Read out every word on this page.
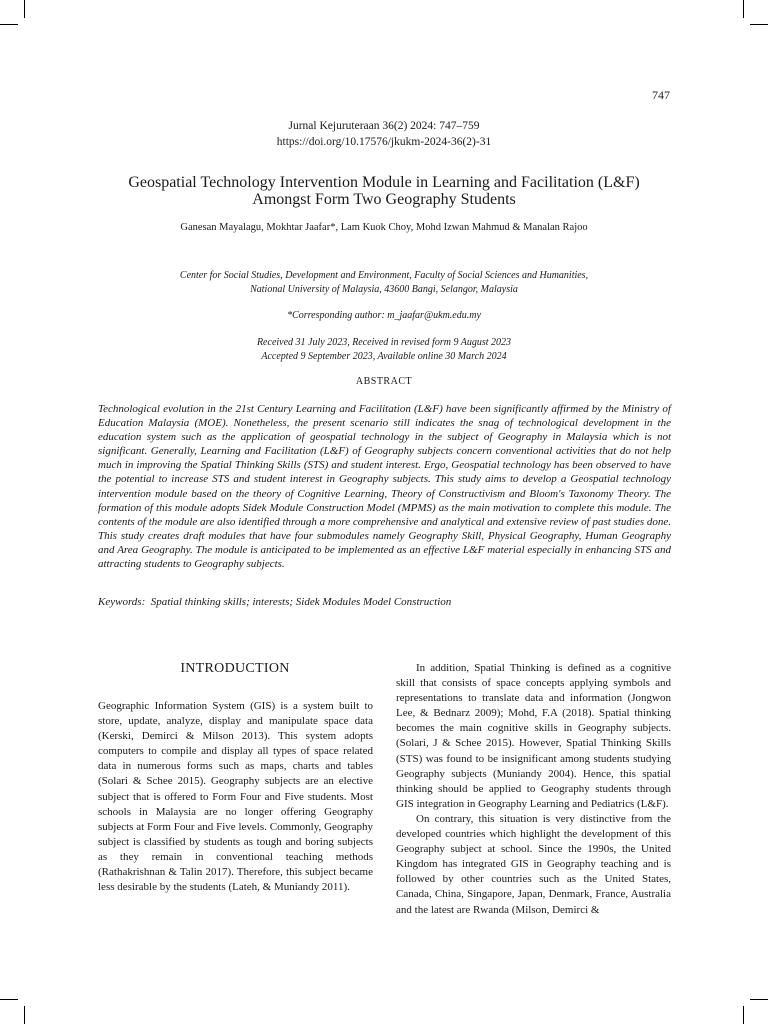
747
Jurnal Kejuruteraan 36(2) 2024: 747–759
https://doi.org/10.17576/jkukm-2024-36(2)-31
Geospatial Technology Intervention Module in Learning and Facilitation (L&F)
Amongst Form Two Geography Students
Ganesan Mayalagu, Mokhtar Jaafar*, Lam Kuok Choy, Mohd Izwan Mahmud & Manalan Rajoo
Center for Social Studies, Development and Environment, Faculty of Social Sciences and Humanities,
National University of Malaysia, 43600 Bangi, Selangor, Malaysia
*Corresponding author: m_jaafar@ukm.edu.my
Received 31 July 2023, Received in revised form 9 August 2023
Accepted 9 September 2023, Available online 30 March 2024
ABSTRACT

Technological evolution in the 21st Century Learning and Facilitation (L&F) have been significantly affirmed by the Ministry of Education Malaysia (MOE). Nonetheless, the present scenario still indicates the snag of technological development in the education system such as the application of geospatial technology in the subject of Geography in Malaysia which is not significant. Generally, Learning and Facilitation (L&F) of Geography subjects concern conventional activities that do not help much in improving the Spatial Thinking Skills (STS) and student interest. Ergo, Geospatial technology has been observed to have the potential to increase STS and student interest in Geography subjects. This study aims to develop a Geospatial technology intervention module based on the theory of Cognitive Learning, Theory of Constructivism and Bloom's Taxonomy Theory. The formation of this module adopts Sidek Module Construction Model (MPMS) as the main motivation to complete this module. The contents of the module are also identified through a more comprehensive and analytical and extensive review of past studies done. This study creates draft modules that have four submodules namely Geography Skill, Physical Geography, Human Geography and Area Geography. The module is anticipated to be implemented as an effective L&F material especially in enhancing STS and attracting students to Geography subjects.

Keywords:  Spatial thinking skills; interests; Sidek Modules Model Construction

INTRODUCTION

Geographic Information System (GIS) is a system built to store, update, analyze, display and manipulate space data (Kerski, Demirci & Milson 2013). This system adopts computers to compile and display all types of space related data in numerous forms such as maps, charts and tables (Solari & Schee 2015). Geography subjects are an elective subject that is offered to Form Four and Five students. Most schools in Malaysia are no longer offering Geography subjects at Form Four and Five levels. Commonly, Geography subject is classified by students as tough and boring subjects as they remain in conventional teaching methods (Rathakrishnan & Talin 2017). Therefore, this subject became less desirable by the students (Lateh, & Muniandy 2011).

In addition, Spatial Thinking is defined as a cognitive skill that consists of space concepts applying symbols and representations to translate data and information (Jongwon Lee, & Bednarz 2009); Mohd, F.A (2018). Spatial thinking becomes the main cognitive skills in Geography subjects. (Solari, J & Schee 2015). However, Spatial Thinking Skills (STS) was found to be insignificant among students studying Geography subjects (Muniandy 2004). Hence, this spatial thinking should be applied to Geography students through GIS integration in Geography Learning and Pediatrics (L&F).

On contrary, this situation is very distinctive from the developed countries which highlight the development of this Geography subject at school. Since the 1990s, the United Kingdom has integrated GIS in Geography teaching and is followed by other countries such as the United States, Canada, China, Singapore, Japan, Denmark, France, Australia and the latest are Rwanda (Milson, Demirci &
